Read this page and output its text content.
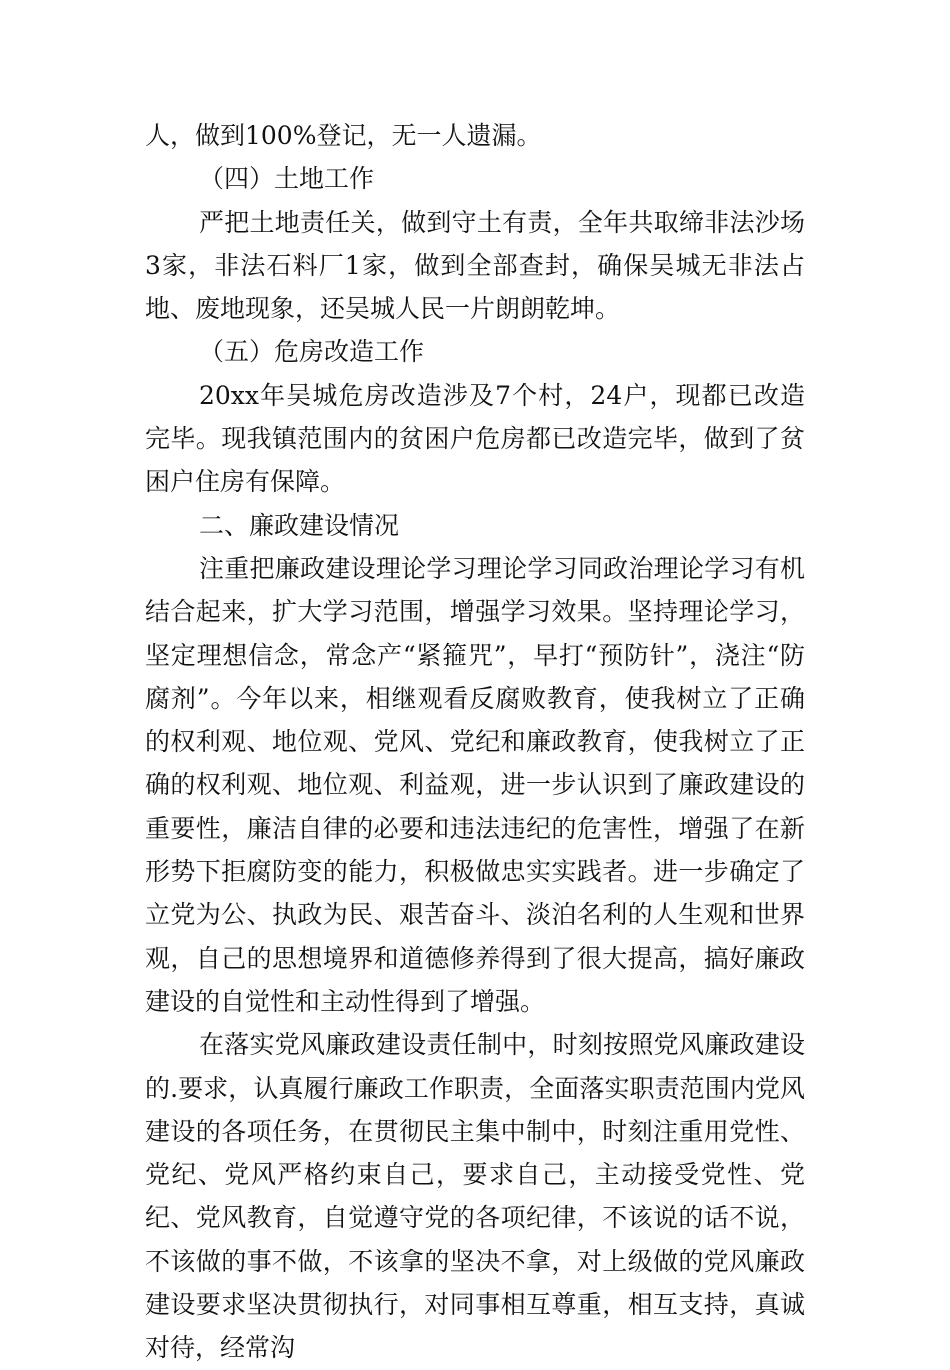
人，做到100%登记，无一人遗漏。

（四）土地工作

严把土地责任关，做到守土有责，全年共取缔非法沙场3家，非法石料厂1家，做到全部查封，确保吴城无非法占地、废地现象，还吴城人民一片朗朗乾坤。

（五）危房改造工作

20xx年吴城危房改造涉及7个村，24户，现都已改造完毕。现我镇范围内的贫困户危房都已改造完毕，做到了贫困户住房有保障。

二、廉政建设情况

注重把廉政建设理论学习理论学习同政治理论学习有机结合起来，扩大学习范围，增强学习效果。坚持理论学习，坚定理想信念，常念产“紧箍咒”，早打“预防针”，浇注“防腐剂”。今年以来，相继观看反腐败教育，使我树立了正确的权利观、地位观、党风、党纪和廉政教育，使我树立了正确的权利观、地位观、利益观，进一步认识到了廉政建设的重要性，廉洁自律的必要和违法违纪的危害性，增强了在新形势下拒腐防变的能力，积极做忠实实践者。进一步确定了立党为公、执政为民、艰苦奋斗、淡泊名利的人生观和世界观，自己的思想境界和道德修养得到了很大提高，搞好廉政建设的自觉性和主动性得到了增强。

在落实党风廉政建设责任制中，时刻按照党风廉政建设的.要求，认真履行廉政工作职责，全面落实职责范围内党风建设的各项任务，在贯彻民主集中制中，时刻注重用党性、党纪、党风严格约束自己，要求自己，主动接受党性、党纪、党风教育，自觉遵守党的各项纪律，不该说的话不说，不该做的事不做，不该拿的坚决不拿，对上级做的党风廉政建设要求坚决贯彻执行，对同事相互尊重，相互支持，真诚对待，经常沟
